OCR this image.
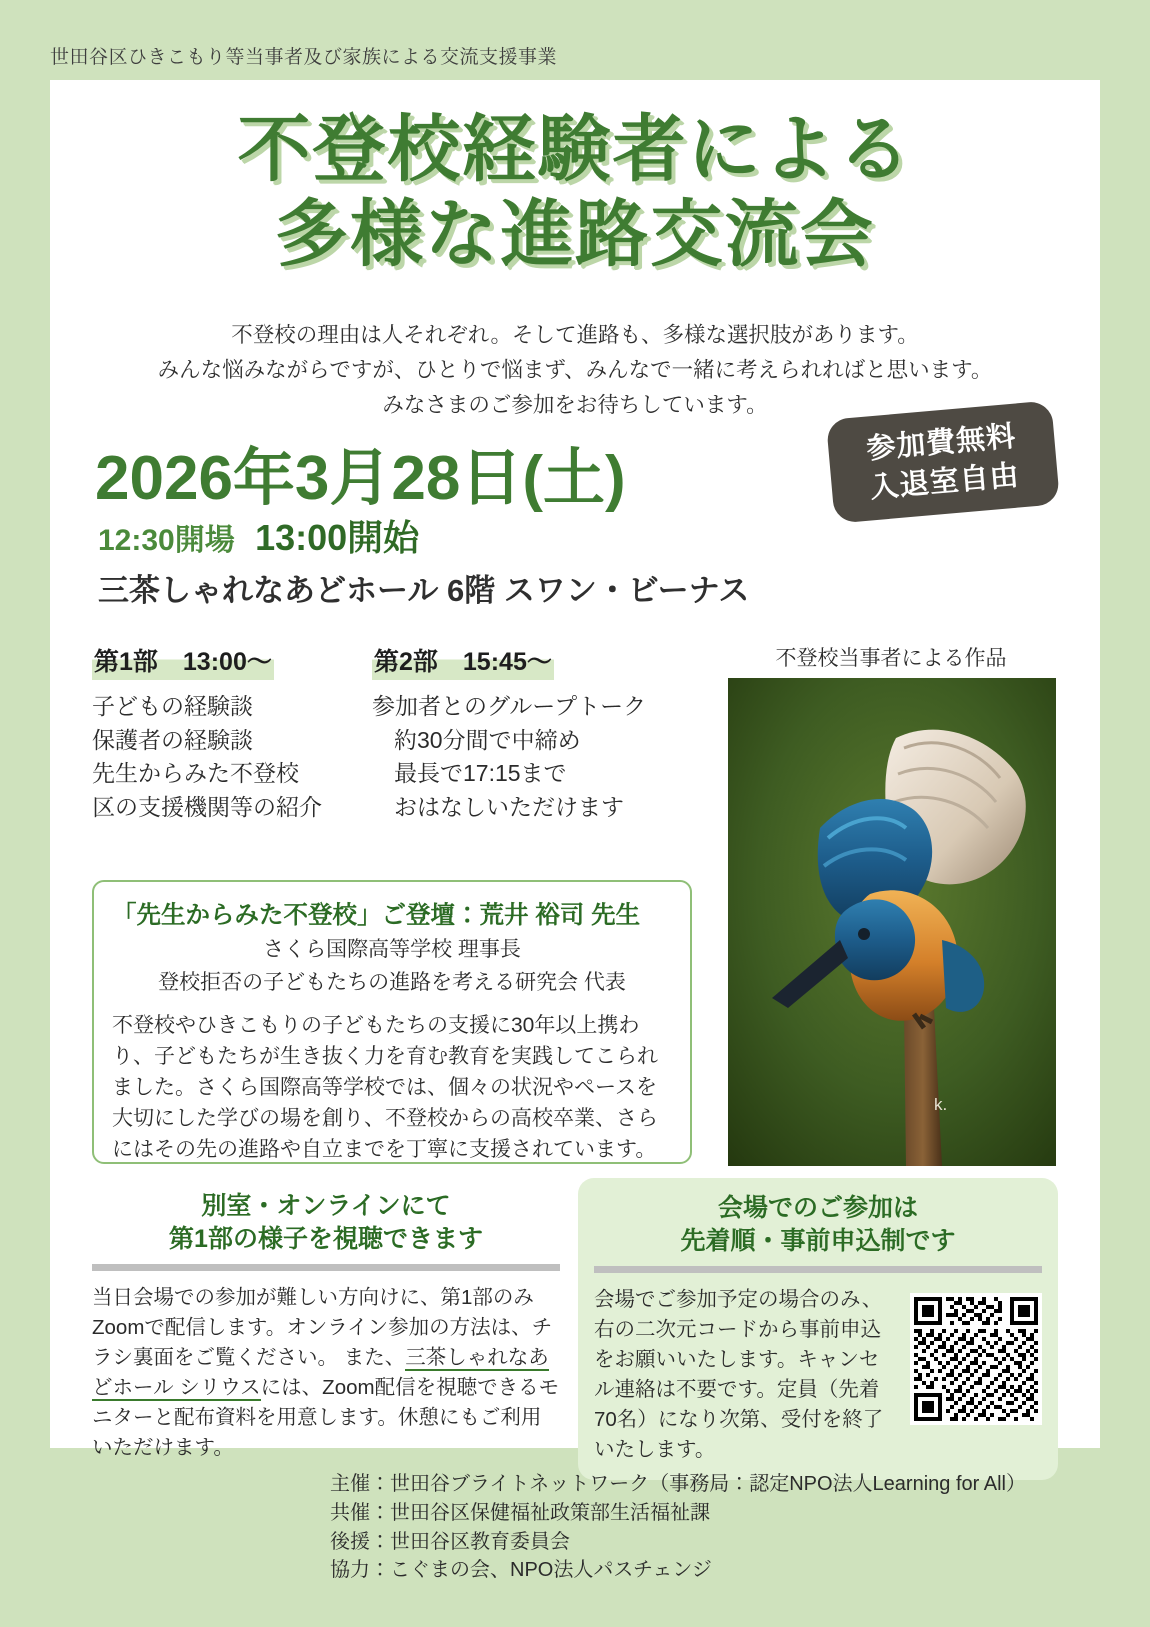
世田谷区ひきこもり等当事者及び家族による交流支援事業
不登校経験者による
多様な進路交流会
不登校の理由は人それぞれ。そして進路も、多様な選択肢があります。
みんな悩みながらですが、ひとりで悩まず、みんなで一緒に考えられればと思います。
みなさまのご参加をお待ちしています。
2026年3月28日(土)
12:30開場 13:00開始
三茶しゃれなあどホール 6階 スワン・ビーナス
参加費無料
入退室自由
第1部　13:00〜
子どもの経験談
保護者の経験談
先生からみた不登校
区の支援機関等の紹介
第2部　15:45〜
参加者とのグループトーク
約30分間で中締め
最長で17:15まで
おはなしいただけます
「先生からみた不登校」ご登壇：荒井 裕司 先生
さくら国際高等学校 理事長
登校拒否の子どもたちの進路を考える研究会 代表
不登校やひきこもりの子どもたちの支援に30年以上携わり、子どもたちが生き抜く力を育む教育を実践してこられました。さくら国際高等学校では、個々の状況やペースを大切にした学びの場を創り、不登校からの高校卒業、さらにはその先の進路や自立までを丁寧に支援されています。
不登校当事者による作品
k.
別室・オンラインにて
第1部の様子を視聴できます
当日会場での参加が難しい方向けに、第1部のみZoomで配信します。オンライン参加の方法は、チラシ裏面をご覧ください。 また、三茶しゃれなあどホール シリウスには、Zoom配信を視聴できるモニターと配布資料を用意します。休憩にもご利用いただけます。
会場でのご参加は
先着順・事前申込制です
会場でご参加予定の場合のみ、右の二次元コードから事前申込をお願いいたします。キャンセル連絡は不要です。定員（先着70名）になり次第、受付を終了いたします。
主催：世田谷ブライトネットワーク（事務局：認定NPO法人Learning for All）
共催：世田谷区保健福祉政策部生活福祉課
後援：世田谷区教育委員会
協力：こぐまの会、NPO法人パスチェンジ
